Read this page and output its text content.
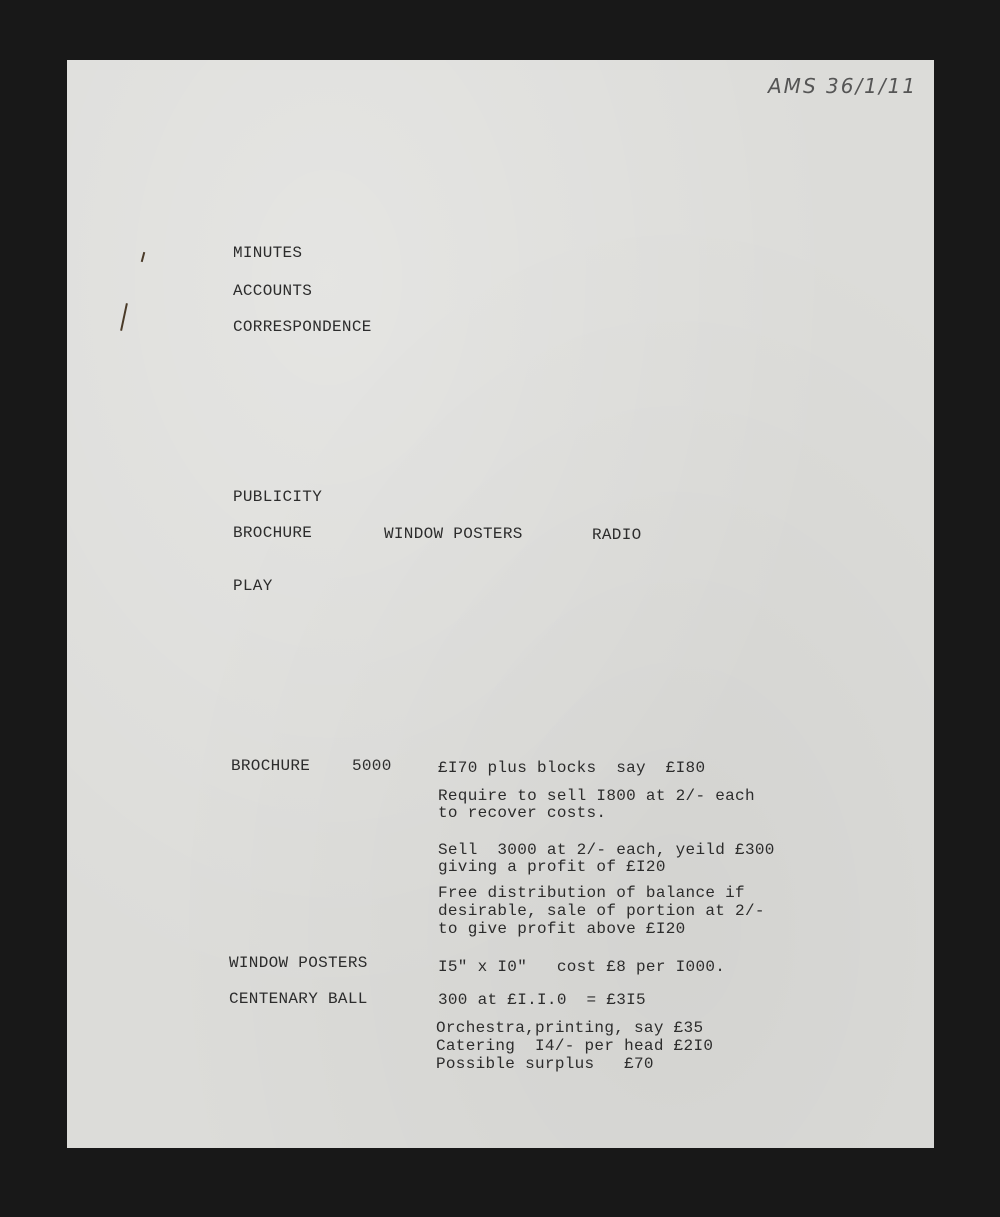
AMS 36/1/11
MINUTES
ACCOUNTS
CORRESPONDENCE
PUBLICITY
BROCHURE	WINDOW POSTERS	RADIO
PLAY
BROCHURE	5000	£I70 plus blocks  say  £I80
Require to sell I800 at 2/- each
to recover costs.
Sell  3000 at 2/- each, yeild £300
giving a profit of £I20
Free distribution of balance if
desirable, sale of portion at 2/-
to give profit above £I20
WINDOW POSTERS	I5" x I0"   cost £8 per I000.
CENTENARY BALL	300 at £I.I.0  = £3I5
Orchestra,printing, say £35
Catering  I4/- per head £2I0
Possible surplus   £70
